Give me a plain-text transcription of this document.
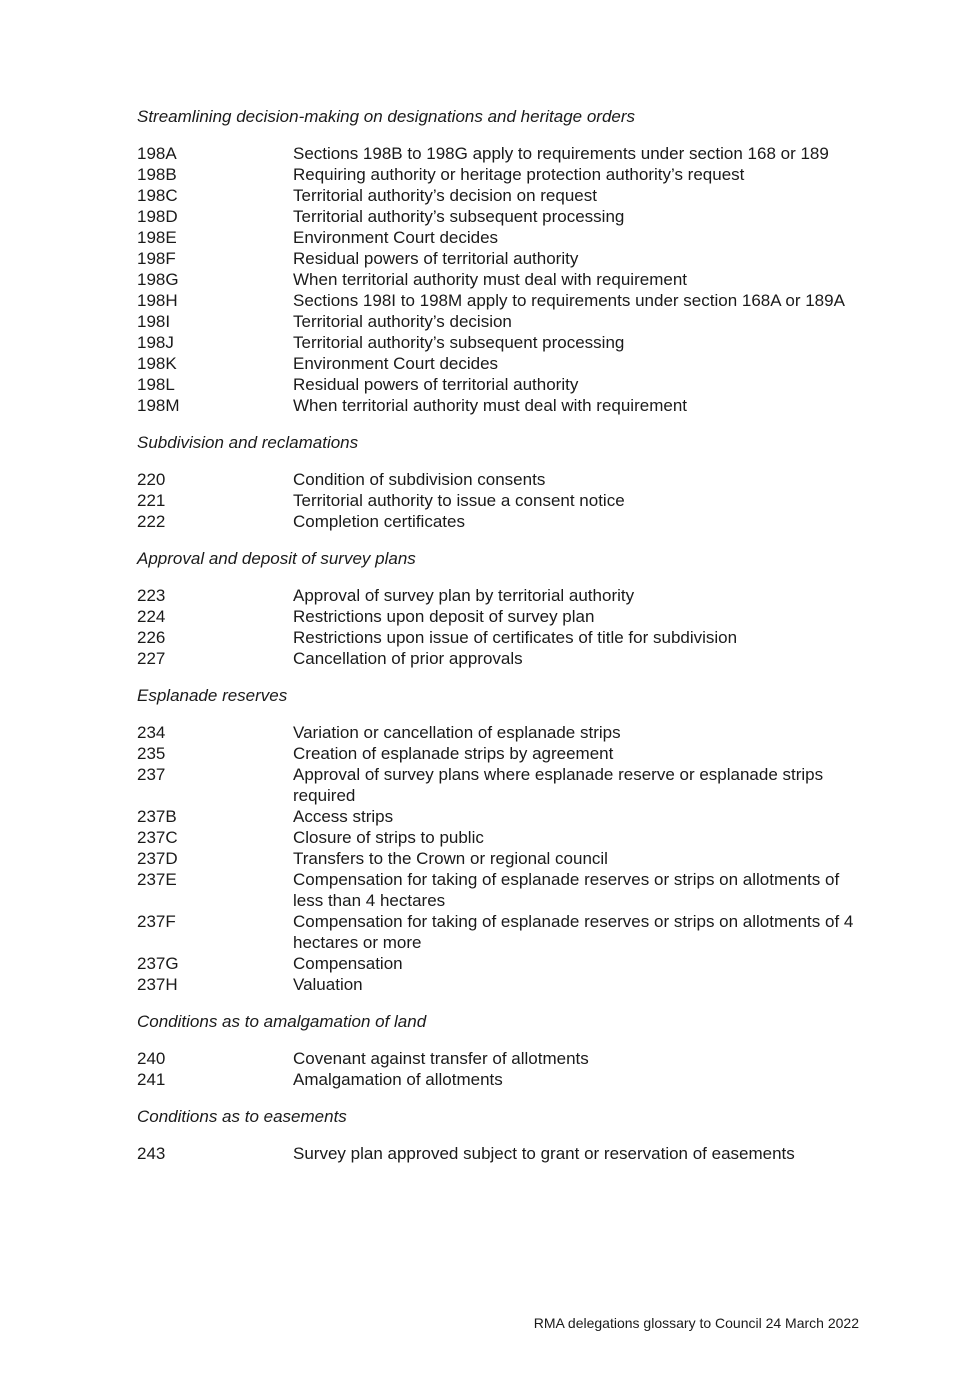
Streamlining decision-making on designations and heritage orders
198A	Sections 198B to 198G apply to requirements under section 168 or 189
198B	Requiring authority or heritage protection authority’s request
198C	Territorial authority’s decision on request
198D	Territorial authority’s subsequent processing
198E	Environment Court decides
198F	Residual powers of territorial authority
198G	When territorial authority must deal with requirement
198H	Sections 198I to 198M apply to requirements under section 168A or 189A
198I	Territorial authority’s decision
198J	Territorial authority’s subsequent processing
198K	Environment Court decides
198L	Residual powers of territorial authority
198M	When territorial authority must deal with requirement
Subdivision and reclamations
220	Condition of subdivision consents
221	Territorial authority to issue a consent notice
222	Completion certificates
Approval and deposit of survey plans
223	Approval of survey plan by territorial authority
224	Restrictions upon deposit of survey plan
226	Restrictions upon issue of certificates of title for subdivision
227	Cancellation of prior approvals
Esplanade reserves
234	Variation or cancellation of esplanade strips
235	Creation of esplanade strips by agreement
237	Approval of survey plans where esplanade reserve or esplanade strips required
237B	Access strips
237C	Closure of strips to public
237D	Transfers to the Crown or regional council
237E	Compensation for taking of esplanade reserves or strips on allotments of less than 4 hectares
237F	Compensation for taking of esplanade reserves or strips on allotments of 4 hectares or more
237G	Compensation
237H	Valuation
Conditions as to amalgamation of land
240	Covenant against transfer of allotments
241	Amalgamation of allotments
Conditions as to easements
243	Survey plan approved subject to grant or reservation of easements
RMA delegations glossary to Council 24 March 2022
